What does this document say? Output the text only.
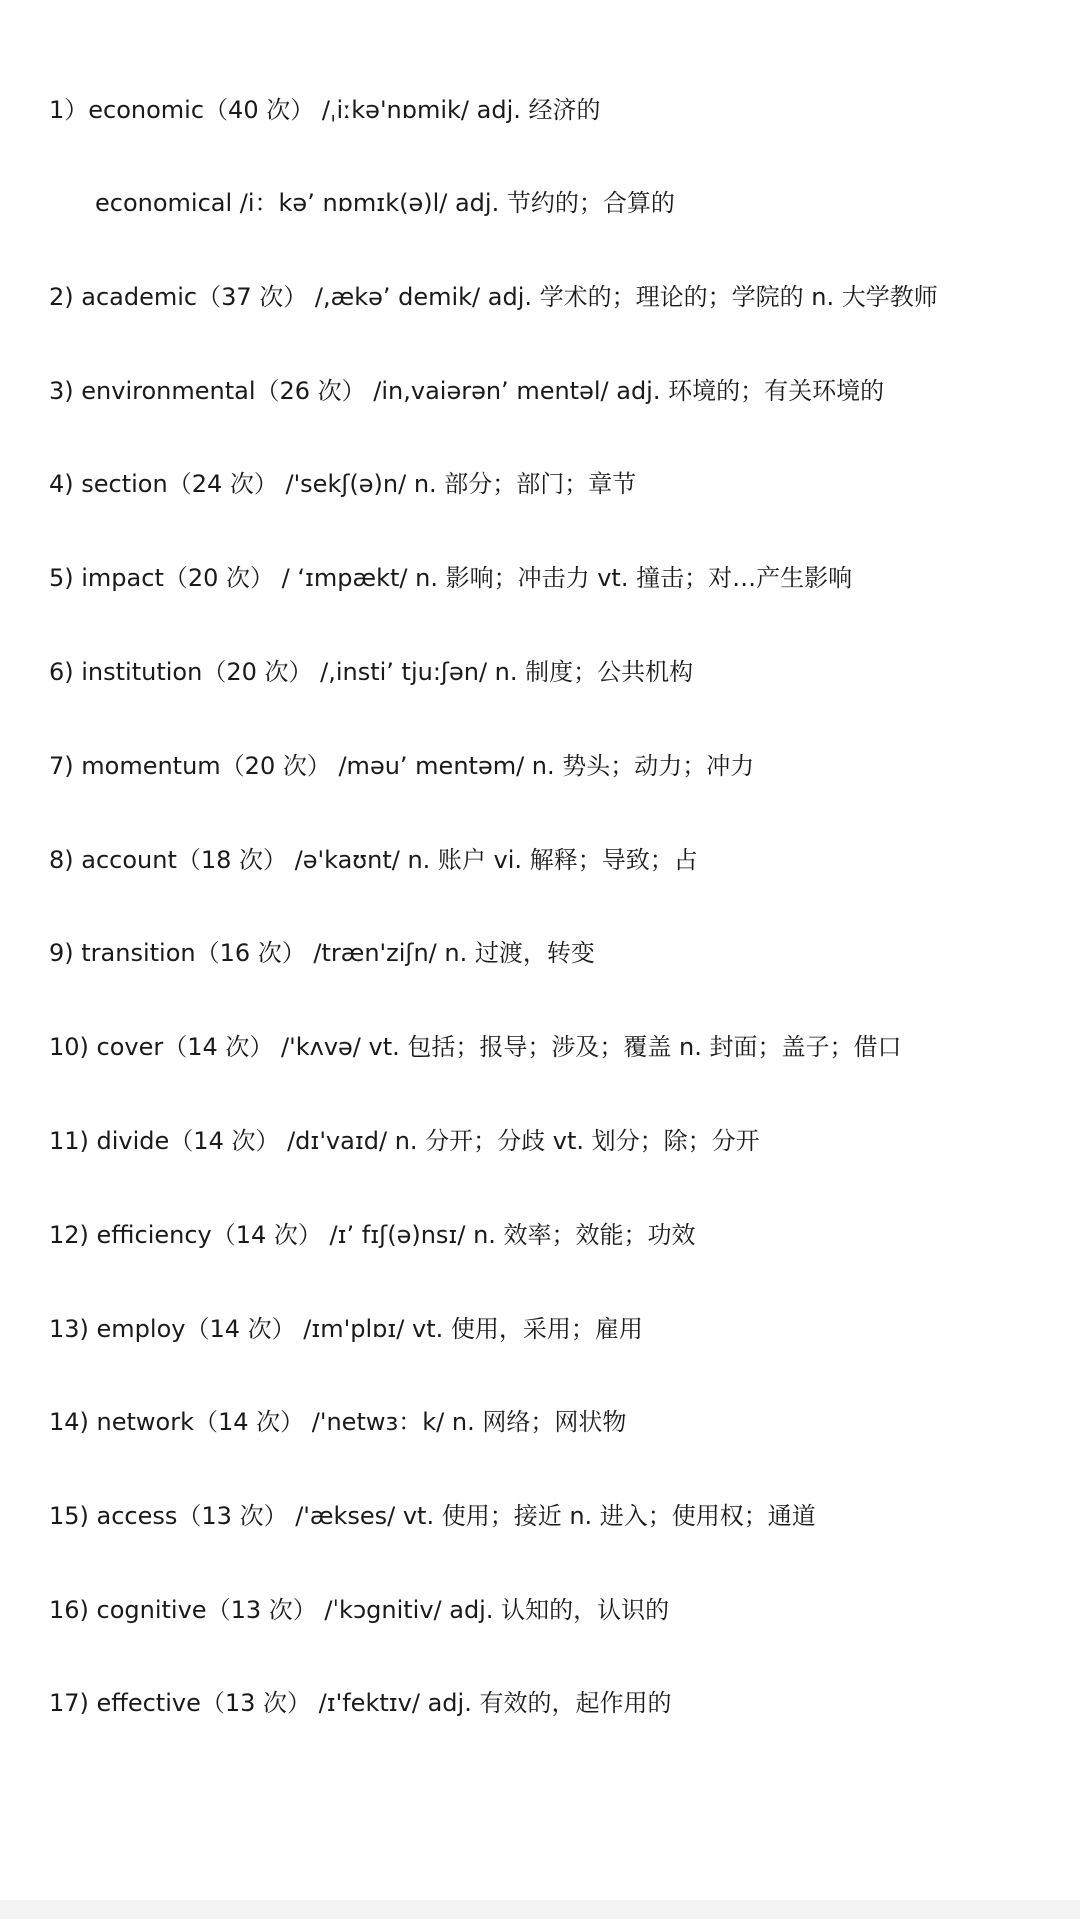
1）economic（40 次） /ˌiːkə'nɒmik/ adj. 经济的
economical /i：kə’ nɒmɪk(ə)l/ adj. 节约的；合算的
2) academic（37 次） /,ækə’ demik/ adj. 学术的；理论的；学院的 n. 大学教师
3) environmental（26 次） /in,vaiərən’ mentəl/ adj. 环境的；有关环境的
4) section（24 次） /'sekʃ(ə)n/ n. 部分；部门；章节
5) impact（20 次） / ‘ɪmpækt/ n. 影响；冲击力 vt. 撞击；对…产生影响
6) institution（20 次） /,insti’ tju:ʃən/ n. 制度；公共机构
7) momentum（20 次） /məu’ mentəm/ n. 势头；动力；冲力
8) account（18 次） /ə'kaʊnt/ n. 账户 vi. 解释；导致；占
9) transition（16 次） /træn'ziʃn/ n. 过渡，转变
10) cover（14 次） /'kʌvə/ vt. 包括；报导；涉及；覆盖 n. 封面；盖子；借口
11) divide（14 次） /dɪ'vaɪd/ n. 分开；分歧 vt. 划分；除；分开
12) efficiency（14 次） /ɪ’ fɪʃ(ə)nsɪ/ n. 效率；效能；功效
13) employ（14 次） /ɪm'plɒɪ/ vt. 使用，采用；雇用
14) network（14 次） /'netwɜ：k/ n. 网络；网状物
15) access（13 次） /'ækses/ vt. 使用；接近 n. 进入；使用权；通道
16) cognitive（13 次） /ˈkɔgnitiv/ adj. 认知的，认识的
17) effective（13 次） /ɪ'fektɪv/ adj. 有效的，起作用的
